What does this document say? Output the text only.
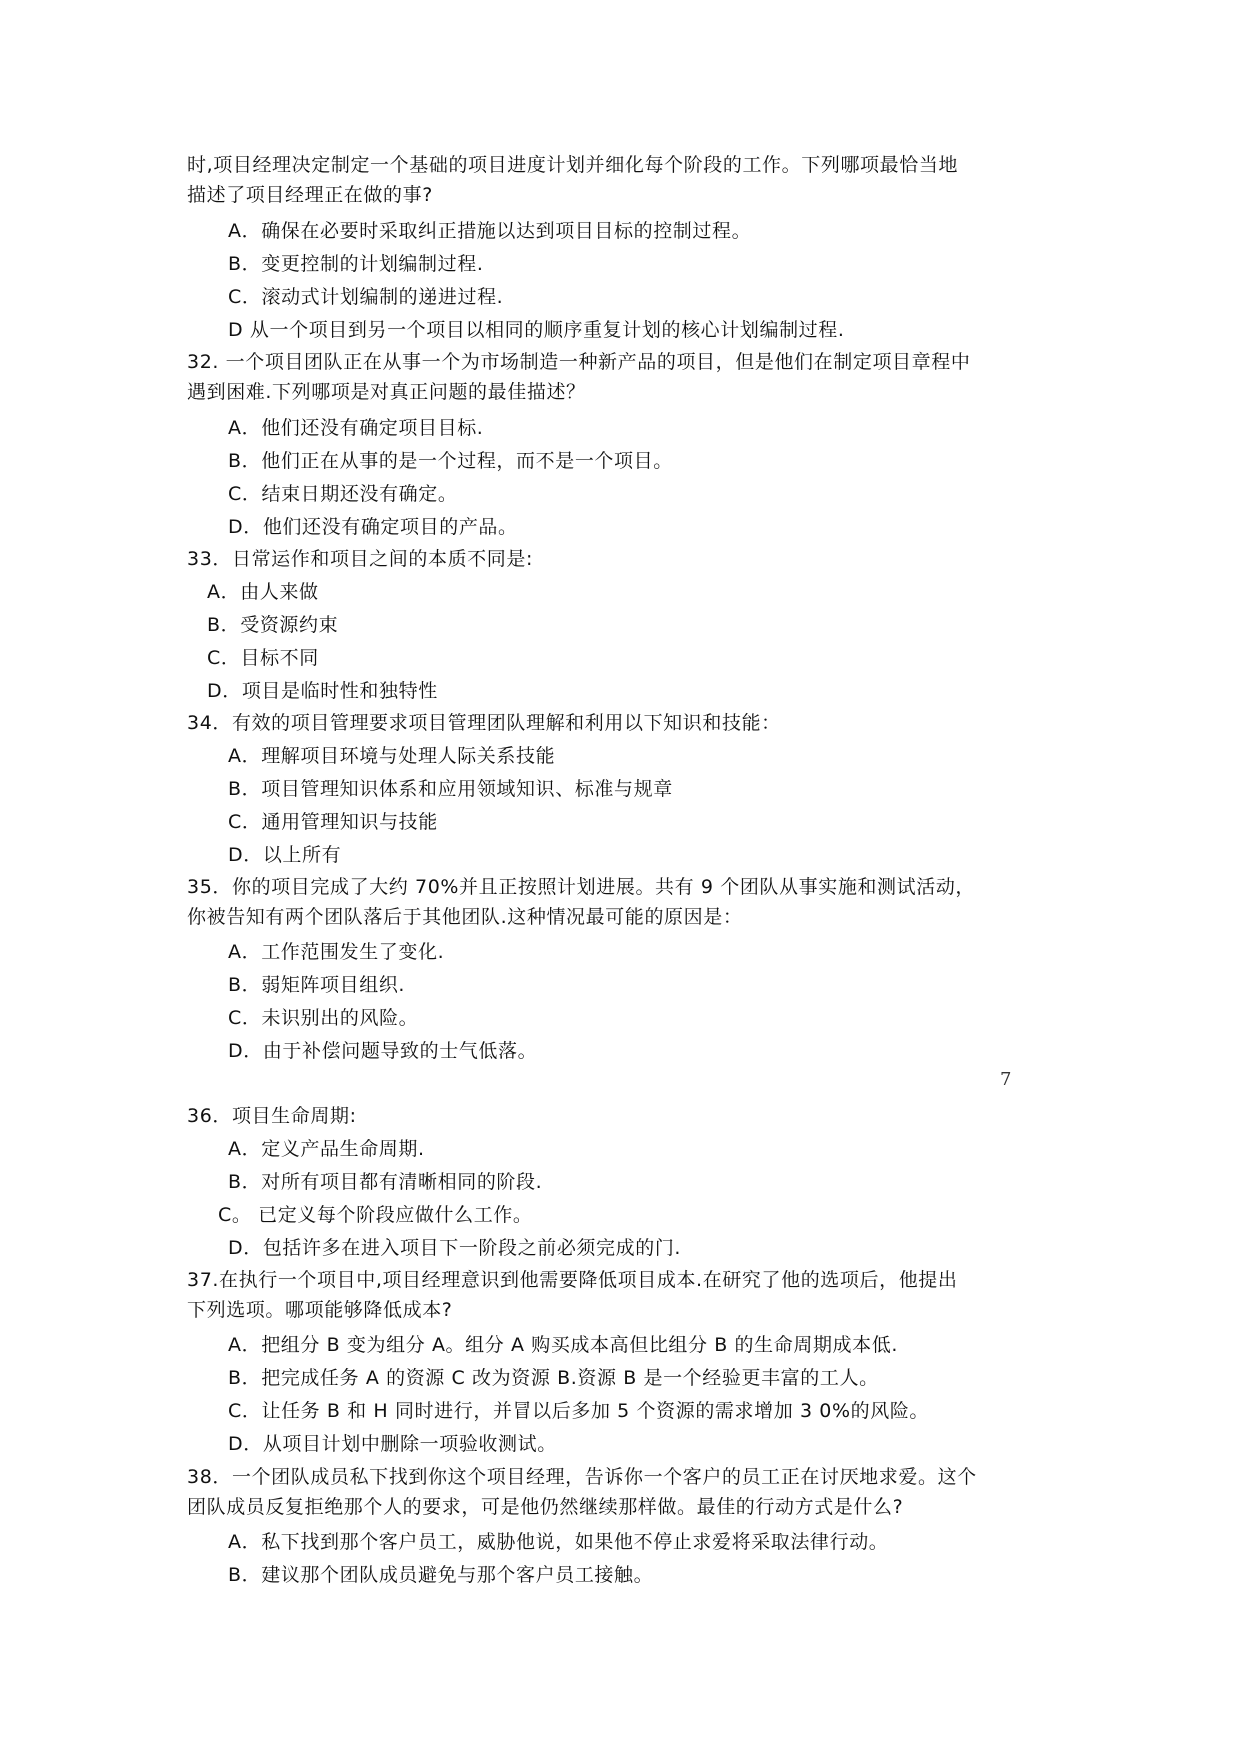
时,项目经理决定制定一个基础的项目进度计划并细化每个阶段的工作。下列哪项最恰当地

描述了项目经理正在做的事?

A．确保在必要时采取纠正措施以达到项目目标的控制过程。

B．变更控制的计划编制过程.

C．滚动式计划编制的递进过程.

D 从一个项目到另一个项目以相同的顺序重复计划的核心计划编制过程.

32. 一个项目团队正在从事一个为市场制造一种新产品的项目，但是他们在制定项目章程中

遇到困难.下列哪项是对真正问题的最佳描述？

A．他们还没有确定项目目标.

B．他们正在从事的是一个过程，而不是一个项目。

C．结束日期还没有确定。

D．他们还没有确定项目的产品。

33．日常运作和项目之间的本质不同是:

A．由人来做

B．受资源约束

C．目标不同

D．项目是临时性和独特性

34．有效的项目管理要求项目管理团队理解和利用以下知识和技能：

A．理解项目环境与处理人际关系技能

B．项目管理知识体系和应用领域知识、标准与规章

C．通用管理知识与技能

D．以上所有

35．你的项目完成了大约 70%并且正按照计划进展。共有 9 个团队从事实施和测试活动，

你被告知有两个团队落后于其他团队.这种情况最可能的原因是：

A．工作范围发生了变化.

B．弱矩阵项目组织.

C．未识别出的风险。

D．由于补偿问题导致的士气低落。

7

36．项目生命周期:

A．定义产品生命周期.

B．对所有项目都有清晰相同的阶段.

C。 已定义每个阶段应做什么工作。

D．包括许多在进入项目下一阶段之前必须完成的门.

37.在执行一个项目中,项目经理意识到他需要降低项目成本.在研究了他的选项后，他提出

下列选项。哪项能够降低成本?

A．把组分 B 变为组分 A。组分 A 购买成本高但比组分 B 的生命周期成本低.

B．把完成任务 A 的资源 C 改为资源 B.资源 B 是一个经验更丰富的工人。

C．让任务 B 和 H 同时进行，并冒以后多加 5 个资源的需求增加 3 0%的风险。

D．从项目计划中删除一项验收测试。

38．一个团队成员私下找到你这个项目经理，告诉你一个客户的员工正在讨厌地求爱。这个

团队成员反复拒绝那个人的要求，可是他仍然继续那样做。最佳的行动方式是什么?

A．私下找到那个客户员工，威胁他说，如果他不停止求爱将采取法律行动。

B．建议那个团队成员避免与那个客户员工接触。
